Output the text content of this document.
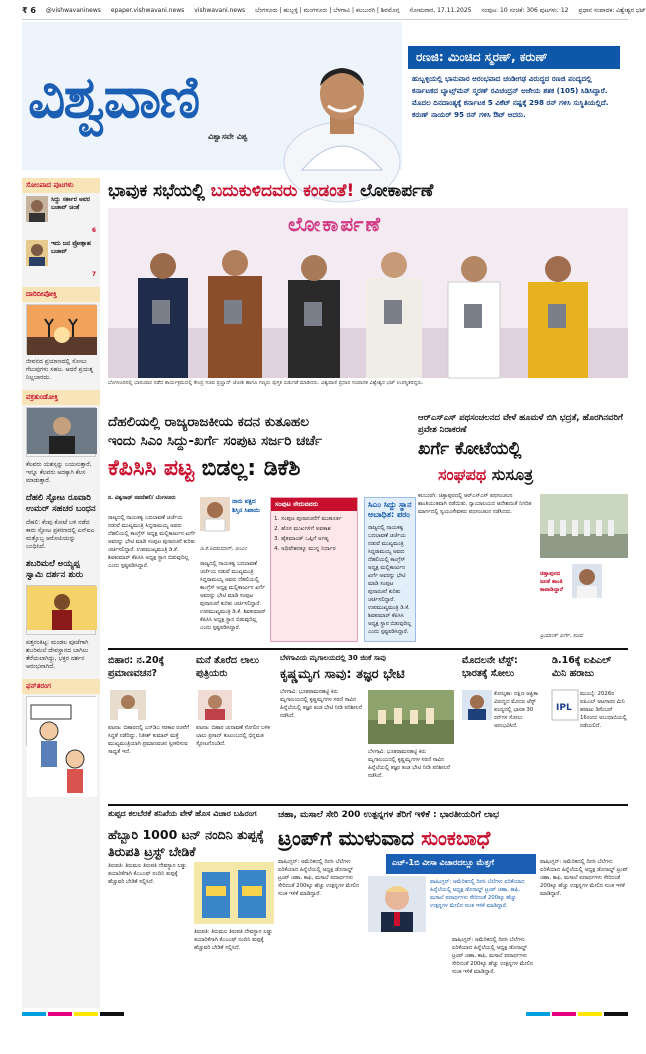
₹ 6 @vishwavaninews epaper.vishwavani.news vishwavani.news ಬೆಂಗಳೂರು | ಹುಬ್ಬಳ್ಳಿ | ಮಂಗಳೂರು | ಬೆಳಗಾವಿ | ಕಲಬುರಗಿ | ಶಿವಮೊಗ್ಗ ಸೋಮವಾರ, 17.11.2025 ಸಂಪುಟ: 10 ಸಂಚಿಕೆ: 306 ಪುಟಗಳು: 12 ಪ್ರಧಾನ ಸಂಪಾದಕ: ವಿಶ್ವೇಶ್ವರ ಭಟ್
ವಿಶ್ವವಾಣಿ
ವಿಶ್ವಾಸವೇ ವಿಶ್ವ
ರಣಜಿ: ಮಿಂಚಿದ ಸ್ಮರಣ್, ಕರುಣ್
ಹುಬ್ಬಳ್ಳಿಯಲ್ಲಿ ಭಾನುವಾರ ಆರಂಭವಾದ ಚಂಡೀಗಢ ವಿರುದ್ಧದ ರಣಜಿ ಪಂದ್ಯದಲ್ಲಿ ಕರ್ನಾಟಕದ ಬ್ಯಾಟ್ಸ್‌ಮನ್ ಸ್ಮರಣ್ ರವಿಚಂದ್ರನ್ ಅಜೇಯ ಶತಕ (105) ಸಿಡಿಸಿದ್ದಾರೆ. ಮೊದಲ ದಿನದಾಂತ್ಯಕ್ಕೆ ಕರ್ನಾಟಕ 5 ವಿಕೆಟ್ ನಷ್ಟಕ್ಕೆ 298 ರನ್ ಗಳಿಸಿ ಸುಸ್ಥಿತಿಯಲ್ಲಿದೆ. ಕರುಣ್ ನಾಯರ್ 95 ರನ್ ಗಳಿಸಿ ಔಟ್ ಆದರು.
ಸೋಂಪಾದ ಪುಟಗಳು
ಸಿದ್ದು ಸರ್ಕಾರ ಅವರ ಬಚಾವ್ ಚಿಂತೆ
6
ಇದು ಜನ ಪ್ರೋತ್ಸಾಹ ಬಚಾವ್
7
ದಾರಿದೀಪೋಕ್ತಿ
ಜೀವನದ ಪ್ರಯಾಣದಲ್ಲಿ ಸೋಲು ಗೆಲುವುಗಳು ಸಹಜ. ಆದರೆ ಪ್ರಯತ್ನ ನಿಲ್ಲಬಾರದು.
ವಕ್ರತುಂಡೋಕ್ತಿ
ಕೆಲವರು ಯಶಸ್ಸನ್ನು ಬಯಸುತ್ತಾರೆ, ಇನ್ನೂ ಕೆಲವರು ಅದಕ್ಕಾಗಿ ಕೆಲಸ ಮಾಡುತ್ತಾರೆ.
ದೆಹಲಿ ಸ್ಫೋಟ ರೂವಾರಿ ಉಮರ್ ಸಹಚರ ಬಂಧನ
ದೆಹಲಿ: ಕೆಂಪು ಕೋಟೆ ಬಳಿ ನಡೆದ ಕಾರು ಸ್ಫೋಟ ಪ್ರಕರಣದಲ್ಲಿ ಎನ್‌ಐಎ ಮತ್ತೊಬ್ಬ ಆರೋಪಿಯನ್ನು ಬಂಧಿಸಿದೆ.
ಶಬರಿಮಲೆ ಅಯ್ಯಪ್ಪ ಸ್ವಾಮಿ ದರ್ಶನ ಶುರು
ಪತ್ತನಂತಿಟ್ಟ: ಮಂಡಲ ಪೂಜೆಗಾಗಿ ಶಬರಿಮಲೆ ದೇವಸ್ಥಾನದ ಬಾಗಿಲು ತೆರೆಯಲಾಗಿದ್ದು, ಭಕ್ತರ ದರ್ಶನ ಆರಂಭವಾಗಿದೆ.
ಫನ್‌ತರಂಗ
ಭಾವುಕ ಸಭೆಯಲ್ಲಿ ಬದುಕುಳಿದವರು ಕಂಡಂತೆ! ಲೋಕಾರ್ಪಣೆ
ಲೋಕಾರ್ಪಣೆ
ಬೆಂಗಳೂರಿನಲ್ಲಿ ಭಾನುವಾರ ನಡೆದ ಕಾರ್ಯಕ್ರಮದಲ್ಲಿ ಕೇಂದ್ರ ಸಚಿವ ಪ್ರಲ್ಹಾದ್ ಜೋಶಿ ಹಾಗೂ ಗಣ್ಯರು ಪುಸ್ತಕ ಬಿಡುಗಡೆ ಮಾಡಿದರು. ವಿಶ್ವವಾಣಿ ಪ್ರಧಾನ ಸಂಪಾದಕ ವಿಶ್ವೇಶ್ವರ ಭಟ್ ಉಪಸ್ಥಿತರಿದ್ದರು.
ದೆಹಲಿಯಲ್ಲಿ ರಾಜ್ಯರಾಜಕೀಯ ಕದನ ಕುತೂಹಲ
ಇಂದು ಸಿಎಂ ಸಿದ್ದು-ಖರ್ಗೆ ಸಂಪುಟ ಸರ್ಜರಿ ಚರ್ಚೆ
ಕೆಪಿಸಿಸಿ ಪಟ್ಟ ಬಿಡಲ್ಲ: ಡಿಕೆಶಿ
ನ. ವಿಶ್ವನಾಥ್ ನವದೆಹಲಿ/ ಬೆಂಗಳೂರು	ನಾನು ಪಕ್ಷದ ಶಿಸ್ತಿನ ಸಿಪಾಯಿ
ಡಿ.ಕೆ.ಶಿವಕುಮಾರ್, ಡಿಸಿಎಂ
ರಾಜ್ಯದಲ್ಲಿ ನಾಯಕತ್ವ ಬದಲಾವಣೆ ಚರ್ಚೆಯ ನಡುವೆ ಮುಖ್ಯಮಂತ್ರಿ ಸಿದ್ದರಾಮಯ್ಯ ಅವರು ದೆಹಲಿಯಲ್ಲಿ ಕಾಂಗ್ರೆಸ್ ಅಧ್ಯಕ್ಷ ಮಲ್ಲಿಕಾರ್ಜುನ ಖರ್ಗೆ ಅವರನ್ನು ಭೇಟಿ ಮಾಡಿ ಸಂಪುಟ ಪುನಾರಚನೆ ಕುರಿತು ಚರ್ಚಿಸಲಿದ್ದಾರೆ. ಉಪಮುಖ್ಯಮಂತ್ರಿ ಡಿ.ಕೆ. ಶಿವಕುಮಾರ್ ಕೆಪಿಸಿಸಿ ಅಧ್ಯಕ್ಷ ಸ್ಥಾನ ಬಿಡುವುದಿಲ್ಲ ಎಂದು ಸ್ಪಷ್ಟಪಡಿಸಿದ್ದಾರೆ.	ರಾಜ್ಯದಲ್ಲಿ ನಾಯಕತ್ವ ಬದಲಾವಣೆ ಚರ್ಚೆಯ ನಡುವೆ ಮುಖ್ಯಮಂತ್ರಿ ಸಿದ್ದರಾಮಯ್ಯ ಅವರು ದೆಹಲಿಯಲ್ಲಿ ಕಾಂಗ್ರೆಸ್ ಅಧ್ಯಕ್ಷ ಮಲ್ಲಿಕಾರ್ಜುನ ಖರ್ಗೆ ಅವರನ್ನು ಭೇಟಿ ಮಾಡಿ ಸಂಪುಟ ಪುನಾರಚನೆ ಕುರಿತು ಚರ್ಚಿಸಲಿದ್ದಾರೆ. ಉಪಮುಖ್ಯಮಂತ್ರಿ ಡಿ.ಕೆ. ಶಿವಕುಮಾರ್ ಕೆಪಿಸಿಸಿ ಅಧ್ಯಕ್ಷ ಸ್ಥಾನ ಬಿಡುವುದಿಲ್ಲ ಎಂದು ಸ್ಪಷ್ಟಪಡಿಸಿದ್ದಾರೆ.
ಸಂಪುಟ ಸೇರುವವರು
1. ಸಂಪುಟ ಪುನಾರಚನೆಗೆ ಮುಹೂರ್ತ
2. ಹೊಸ ಮುಖಗಳಿಗೆ ಅವಕಾಶ
3. ಹೈಕಮಾಂಡ್ ಒಪ್ಪಿಗೆ ಅಗತ್ಯ
4. ಅಧಿವೇಶನಕ್ಕೂ ಮುನ್ನ ನಿರ್ಧಾರ
ಸಿಎಂ ಸಿದ್ದು ಸ್ಥಾನ ಅಬಾಧಿತ: ಪರಂ
ರಾಜ್ಯದಲ್ಲಿ ನಾಯಕತ್ವ ಬದಲಾವಣೆ ಚರ್ಚೆಯ ನಡುವೆ ಮುಖ್ಯಮಂತ್ರಿ ಸಿದ್ದರಾಮಯ್ಯ ಅವರು ದೆಹಲಿಯಲ್ಲಿ ಕಾಂಗ್ರೆಸ್ ಅಧ್ಯಕ್ಷ ಮಲ್ಲಿಕಾರ್ಜುನ ಖರ್ಗೆ ಅವರನ್ನು ಭೇಟಿ ಮಾಡಿ ಸಂಪುಟ ಪುನಾರಚನೆ ಕುರಿತು ಚರ್ಚಿಸಲಿದ್ದಾರೆ. ಉಪಮುಖ್ಯಮಂತ್ರಿ ಡಿ.ಕೆ. ಶಿವಕುಮಾರ್ ಕೆಪಿಸಿಸಿ ಅಧ್ಯಕ್ಷ ಸ್ಥಾನ ಬಿಡುವುದಿಲ್ಲ ಎಂದು ಸ್ಪಷ್ಟಪಡಿಸಿದ್ದಾರೆ.
ಆರ್‌ಎಸ್‌ಎಸ್ ಪಥಸಂಚಲನದ ವೇಳೆ ಹೂಮಳೆ ಬಿಗಿ ಭದ್ರತೆ, ಹೊರಗಿನವರಿಗೆ ಪ್ರವೇಶ ನಿರಾಕರಣೆ
ಖರ್ಗೆ ಕೋಟೆಯಲ್ಲಿ
ಸಂಘಪಥ ಸುಸೂತ್ರ
ಕಲಬುರಗಿ: ಚಿತ್ತಾಪುರದಲ್ಲಿ ಆರ್‌ಎಸ್‌ಎಸ್ ಪಥಸಂಚಲನ ಶಾಂತಿಯುತವಾಗಿ ನಡೆಯಿತು. ನ್ಯಾಯಾಲಯದ ಆದೇಶದಂತೆ ನಿಗದಿತ ಮಾರ್ಗದಲ್ಲಿ ಸ್ವಯಂಸೇವಕರು ಪಥಸಂಚಲನ ನಡೆಸಿದರು.
ಚಿತ್ತಾಪುರದ ಜನತೆ ಶಾಂತಿ ಕಾಪಾಡಿದ್ದಾರೆ
ಪ್ರಿಯಾಂಕ್ ಖರ್ಗೆ, ಸಚಿವ
ಬಿಹಾರ: ನ.20ಕ್ಕೆ ಪ್ರಮಾಣವಚನ?
ಪಟನಾ: ಬಿಹಾರದಲ್ಲಿ ಎನ್‌ಡಿಎ ಸರಕಾರ ರಚನೆಗೆ ಸಿದ್ಧತೆ ನಡೆದಿದ್ದು, ನಿತೀಶ್ ಕುಮಾರ್ ಮತ್ತೆ ಮುಖ್ಯಮಂತ್ರಿಯಾಗಿ ಪ್ರಮಾಣವಚನ ಸ್ವೀಕರಿಸುವ ಸಾಧ್ಯತೆ ಇದೆ.
ಮನೆ ತೊರೆದ ಲಾಲು ಪುತ್ರಿಯರು
ಪಟನಾ: ಬಿಹಾರ ಚುನಾವಣೆ ಸೋಲಿನ ಬಳಿಕ ಲಾಲು ಪ್ರಸಾದ್ ಕುಟುಂಬದಲ್ಲಿ ಭಿನ್ನಮತ ಸ್ಫೋಟಗೊಂಡಿದೆ.
ಬೆಳಗಾವಿಯ ಮೃಗಾಲಯದಲ್ಲಿ 30 ಜಿಂಕೆ ಸಾವು
ಕೃಷ್ಣಮೃಗ ಸಾವು: ತಜ್ಞರ ಭೇಟಿ
ಬೆಳಗಾವಿ: ಭೂತರಾಮನಹಟ್ಟಿ ಕಿರು ಮೃಗಾಲಯದಲ್ಲಿ ಕೃಷ್ಣಮೃಗಗಳ ಸರಣಿ ಸಾವಿನ ಹಿನ್ನೆಲೆಯಲ್ಲಿ ತಜ್ಞರ ತಂಡ ಭೇಟಿ ನೀಡಿ ಪರಿಶೀಲನೆ ನಡೆಸಿದೆ.
ಬೆಳಗಾವಿ: ಭೂತರಾಮನಹಟ್ಟಿ ಕಿರು ಮೃಗಾಲಯದಲ್ಲಿ ಕೃಷ್ಣಮೃಗಗಳ ಸರಣಿ ಸಾವಿನ ಹಿನ್ನೆಲೆಯಲ್ಲಿ ತಜ್ಞರ ತಂಡ ಭೇಟಿ ನೀಡಿ ಪರಿಶೀಲನೆ ನಡೆಸಿದೆ.
ಮೊದಲನೇ ಟೆಸ್ಟ್: ಭಾರತಕ್ಕೆ ಸೋಲು
ಕೋಲ್ಕತಾ: ದಕ್ಷಿಣ ಆಫ್ರಿಕಾ ವಿರುದ್ಧದ ಮೊದಲ ಟೆಸ್ಟ್ ಪಂದ್ಯದಲ್ಲಿ ಭಾರತ 30 ರನ್‌ಗಳ ಸೋಲು ಅನುಭವಿಸಿದೆ.
ಡಿ.16ಕ್ಕೆ ಐಪಿಎಲ್ ಮಿನಿ ಹರಾಜು
IPL
ಮುಂಬೈ: 2026ರ ಐಪಿಎಲ್ ಆಟಗಾರರ ಮಿನಿ ಹರಾಜು ಡಿಸೆಂಬರ್ 16ರಂದು ಅಬುಧಾಬಿಯಲ್ಲಿ ನಡೆಯಲಿದೆ.
ತುಪ್ಪದ ಕಲಬೆರಕೆ ತನಿಖೆಯ ವೇಳೆ ಹೊಸ ವಿಚಾರ ಬಹಿರಂಗ
ಹೆಬ್ಬಾರಿ 1000 ಟನ್ ನಂದಿನಿ ತುಪ್ಪಕ್ಕೆ ತಿರುಪತಿ ಟ್ರಸ್ಟ್ ಬೇಡಿಕೆ
ತಿರುಪತಿ: ತಿರುಮಲ ತಿರುಪತಿ ದೇವಸ್ಥಾನ ಲಡ್ಡು ತಯಾರಿಕೆಗಾಗಿ ಕೆಎಂಎಫ್ ನಂದಿನಿ ತುಪ್ಪಕ್ಕೆ ಹೆಚ್ಚುವರಿ ಬೇಡಿಕೆ ಸಲ್ಲಿಸಿದೆ.
ತಿರುಪತಿ: ತಿರುಮಲ ತಿರುಪತಿ ದೇವಸ್ಥಾನ ಲಡ್ಡು ತಯಾರಿಕೆಗಾಗಿ ಕೆಎಂಎಫ್ ನಂದಿನಿ ತುಪ್ಪಕ್ಕೆ ಹೆಚ್ಚುವರಿ ಬೇಡಿಕೆ ಸಲ್ಲಿಸಿದೆ.
ಚಹಾ, ಮಸಾಲೆ ಸೇರಿ 200 ಉತ್ಪನ್ನಗಳ ತೆರಿಗೆ ಇಳಿಕೆ : ಭಾರತೀಯರಿಗೆ ಲಾಭ
ಟ್ರಂಪ್‌ಗೆ ಮುಳುವಾದ ಸುಂಕಬಾಧೆ
ವಾಷಿಂಗ್ಟನ್: ಅಮೆರಿಕದಲ್ಲಿ ದಿನಸಿ ಬೆಲೆಗಳು ಏರಿಕೆಯಾದ ಹಿನ್ನೆಲೆಯಲ್ಲಿ ಅಧ್ಯಕ್ಷ ಡೊನಾಲ್ಡ್ ಟ್ರಂಪ್ ಚಹಾ, ಕಾಫಿ, ಮಸಾಲೆ ಪದಾರ್ಥಗಳು ಸೇರಿದಂತೆ 200ಕ್ಕೂ ಹೆಚ್ಚು ಉತ್ಪನ್ನಗಳ ಮೇಲಿನ ಸುಂಕ ಇಳಿಕೆ ಮಾಡಿದ್ದಾರೆ.
ಎಚ್-1ಬಿ ವೀಸಾ ವಿಚಾರದಲ್ಲೂ ಮೆತ್ತಗೆ
ವಾಷಿಂಗ್ಟನ್: ಅಮೆರಿಕದಲ್ಲಿ ದಿನಸಿ ಬೆಲೆಗಳು ಏರಿಕೆಯಾದ ಹಿನ್ನೆಲೆಯಲ್ಲಿ ಅಧ್ಯಕ್ಷ ಡೊನಾಲ್ಡ್ ಟ್ರಂಪ್ ಚಹಾ, ಕಾಫಿ, ಮಸಾಲೆ ಪದಾರ್ಥಗಳು ಸೇರಿದಂತೆ 200ಕ್ಕೂ ಹೆಚ್ಚು ಉತ್ಪನ್ನಗಳ ಮೇಲಿನ ಸುಂಕ ಇಳಿಕೆ ಮಾಡಿದ್ದಾರೆ.
ವಾಷಿಂಗ್ಟನ್: ಅಮೆರಿಕದಲ್ಲಿ ದಿನಸಿ ಬೆಲೆಗಳು ಏರಿಕೆಯಾದ ಹಿನ್ನೆಲೆಯಲ್ಲಿ ಅಧ್ಯಕ್ಷ ಡೊನಾಲ್ಡ್ ಟ್ರಂಪ್ ಚಹಾ, ಕಾಫಿ, ಮಸಾಲೆ ಪದಾರ್ಥಗಳು ಸೇರಿದಂತೆ 200ಕ್ಕೂ ಹೆಚ್ಚು ಉತ್ಪನ್ನಗಳ ಮೇಲಿನ ಸುಂಕ ಇಳಿಕೆ ಮಾಡಿದ್ದಾರೆ.
ವಾಷಿಂಗ್ಟನ್: ಅಮೆರಿಕದಲ್ಲಿ ದಿನಸಿ ಬೆಲೆಗಳು ಏರಿಕೆಯಾದ ಹಿನ್ನೆಲೆಯಲ್ಲಿ ಅಧ್ಯಕ್ಷ ಡೊನಾಲ್ಡ್ ಟ್ರಂಪ್ ಚಹಾ, ಕಾಫಿ, ಮಸಾಲೆ ಪದಾರ್ಥಗಳು ಸೇರಿದಂತೆ 200ಕ್ಕೂ ಹೆಚ್ಚು ಉತ್ಪನ್ನಗಳ ಮೇಲಿನ ಸುಂಕ ಇಳಿಕೆ ಮಾಡಿದ್ದಾರೆ.
